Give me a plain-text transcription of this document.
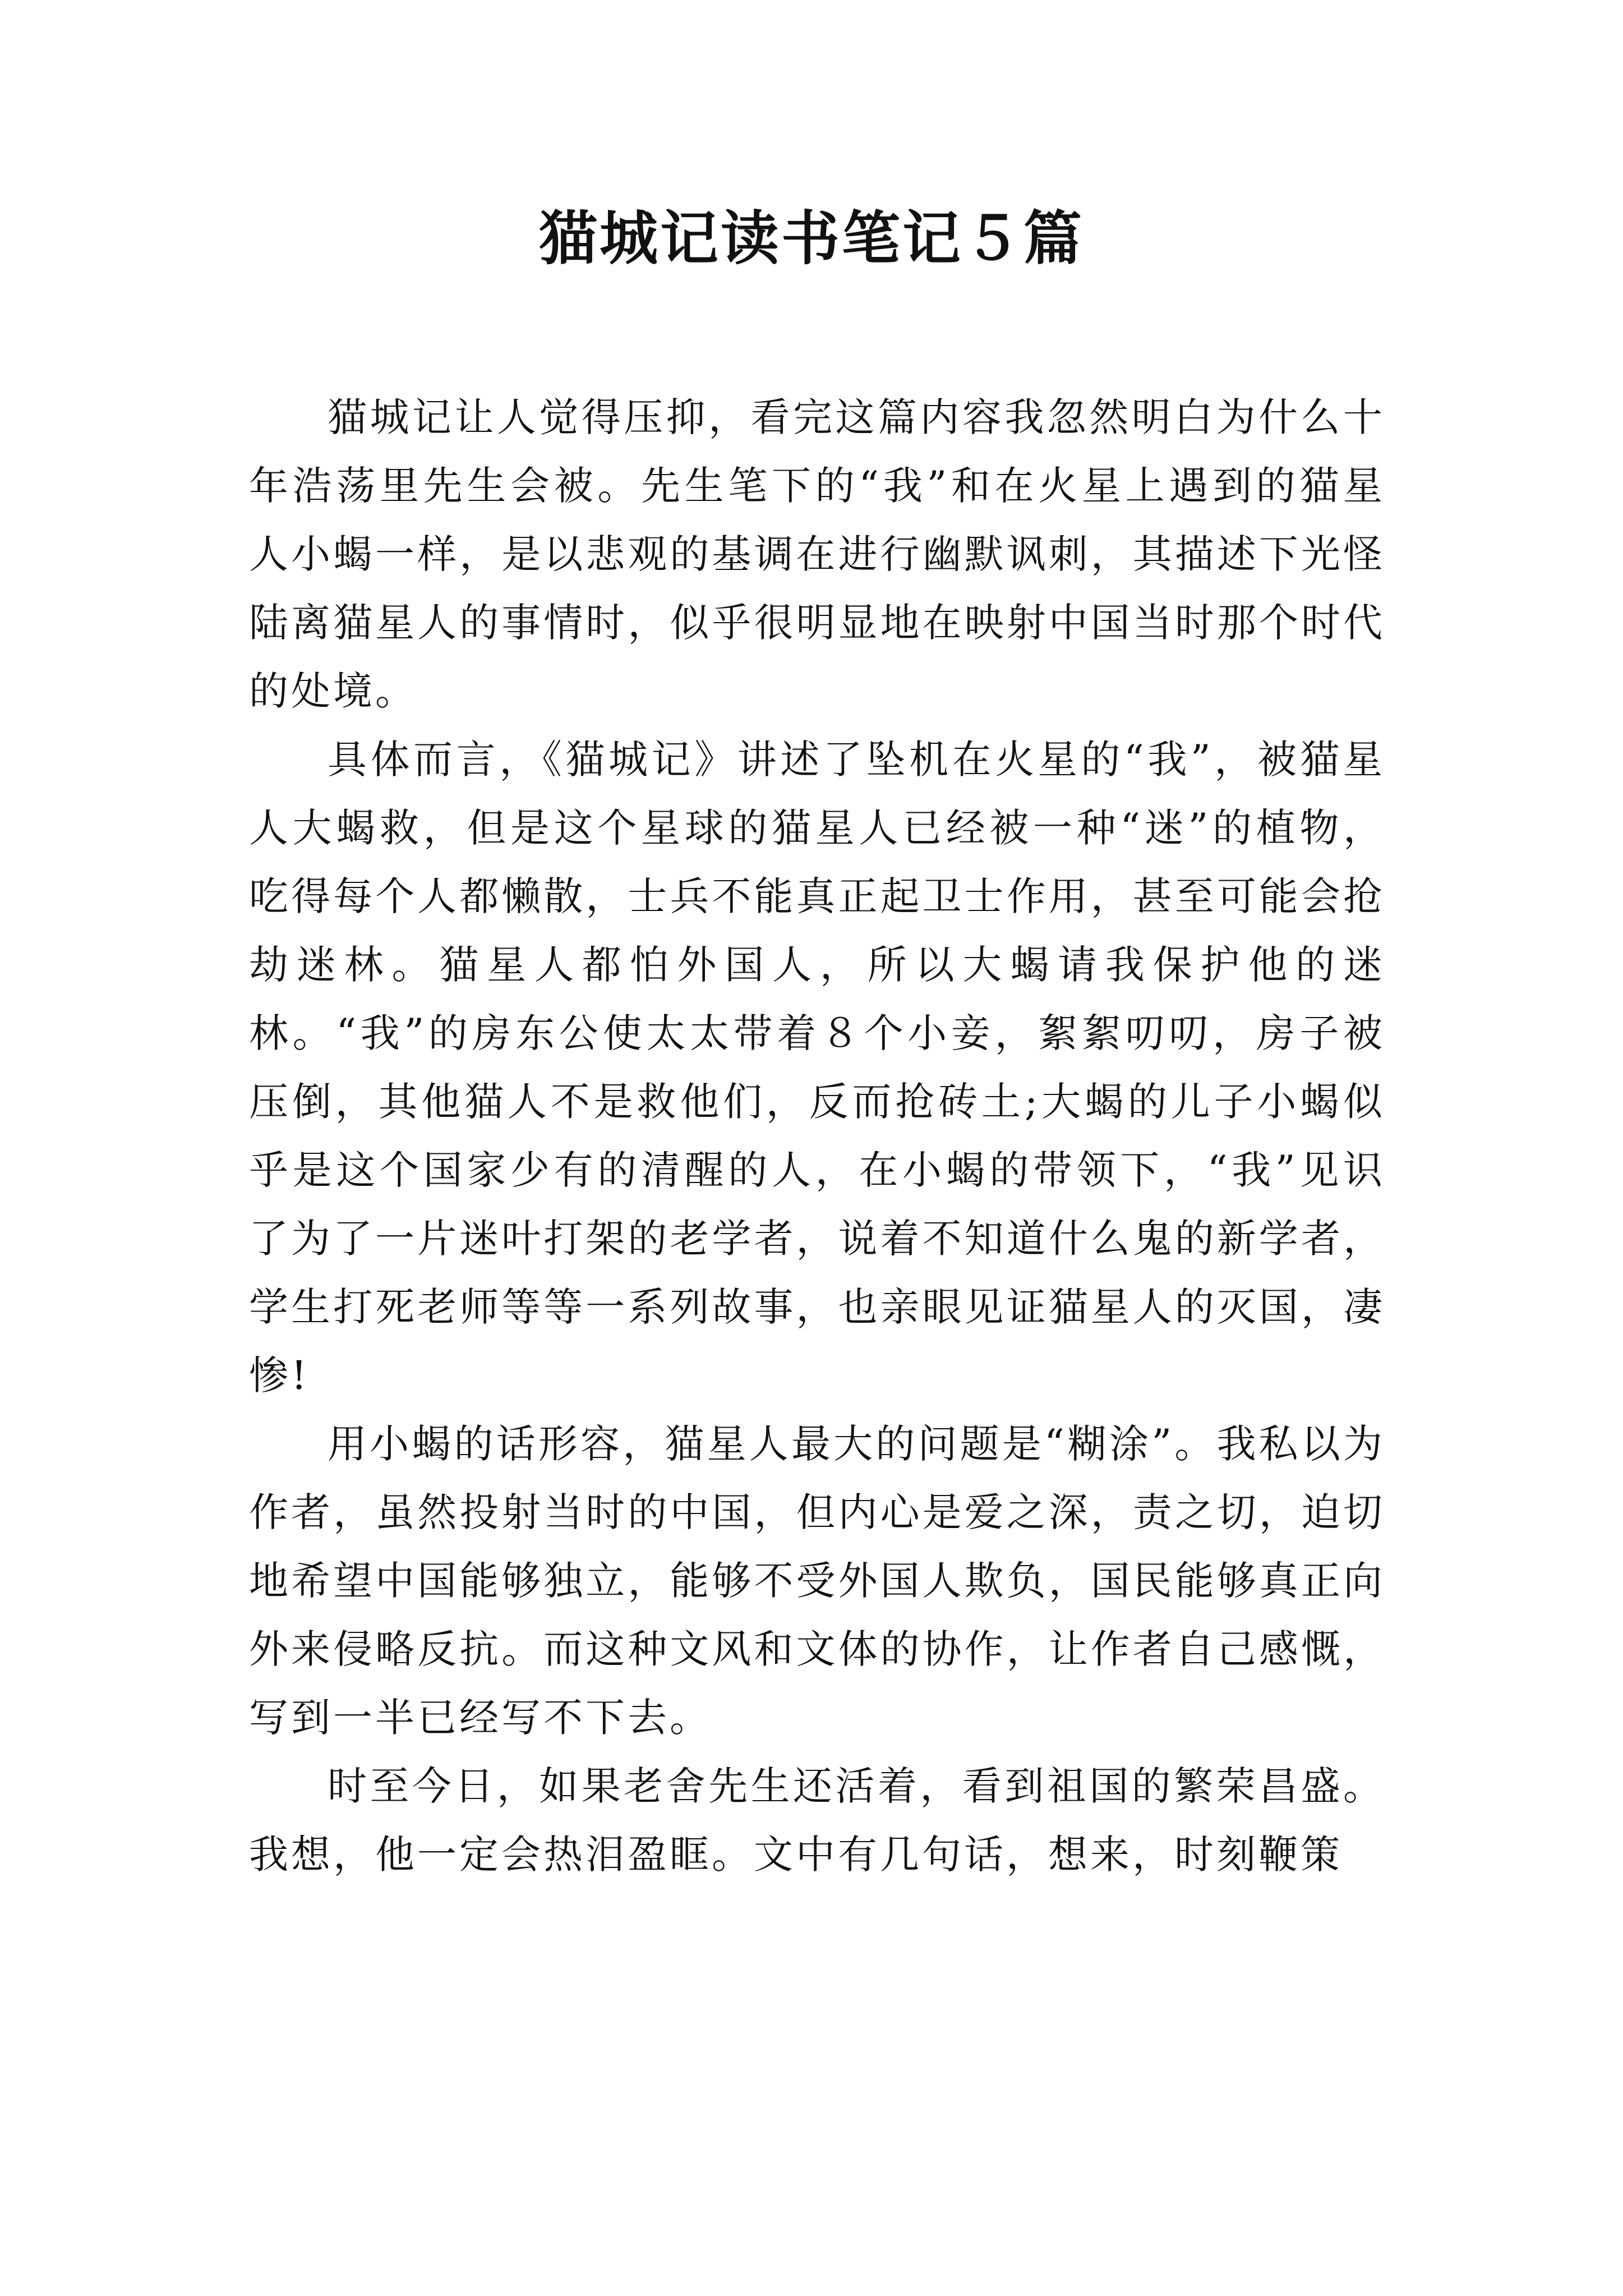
猫城记读书笔记５篇

猫城记让人觉得压抑，看完这篇内容我忽然明白为什么十年浩荡里先生会被。先生笔下的“我”和在火星上遇到的猫星人小蝎一样，是以悲观的基调在进行幽默讽刺，其描述下光怪陆离猫星人的事情时，似乎很明显地在映射中国当时那个时代的处境。

具体而言，《猫城记》讲述了坠机在火星的“我”，被猫星人大蝎救，但是这个星球的猫星人已经被一种“迷”的植物，吃得每个人都懒散，士兵不能真正起卫士作用，甚至可能会抢劫迷林。猫星人都怕外国人，所以大蝎请我保护他的迷林。“我”的房东公使太太带着８个小妾，絮絮叨叨，房子被压倒，其他猫人不是救他们，反而抢砖土;大蝎的儿子小蝎似乎是这个国家少有的清醒的人，在小蝎的带领下，“我”见识了为了一片迷叶打架的老学者，说着不知道什么鬼的新学者，学生打死老师等等一系列故事，也亲眼见证猫星人的灭国，凄惨!

用小蝎的话形容，猫星人最大的问题是“糊涂”。我私以为作者，虽然投射当时的中国，但内心是爱之深，责之切，迫切地希望中国能够独立，能够不受外国人欺负，国民能够真正向外来侵略反抗。而这种文风和文体的协作，让作者自己感慨，写到一半已经写不下去。

时至今日，如果老舍先生还活着，看到祖国的繁荣昌盛。我想，他一定会热泪盈眶。文中有几句话，想来，时刻鞭策
